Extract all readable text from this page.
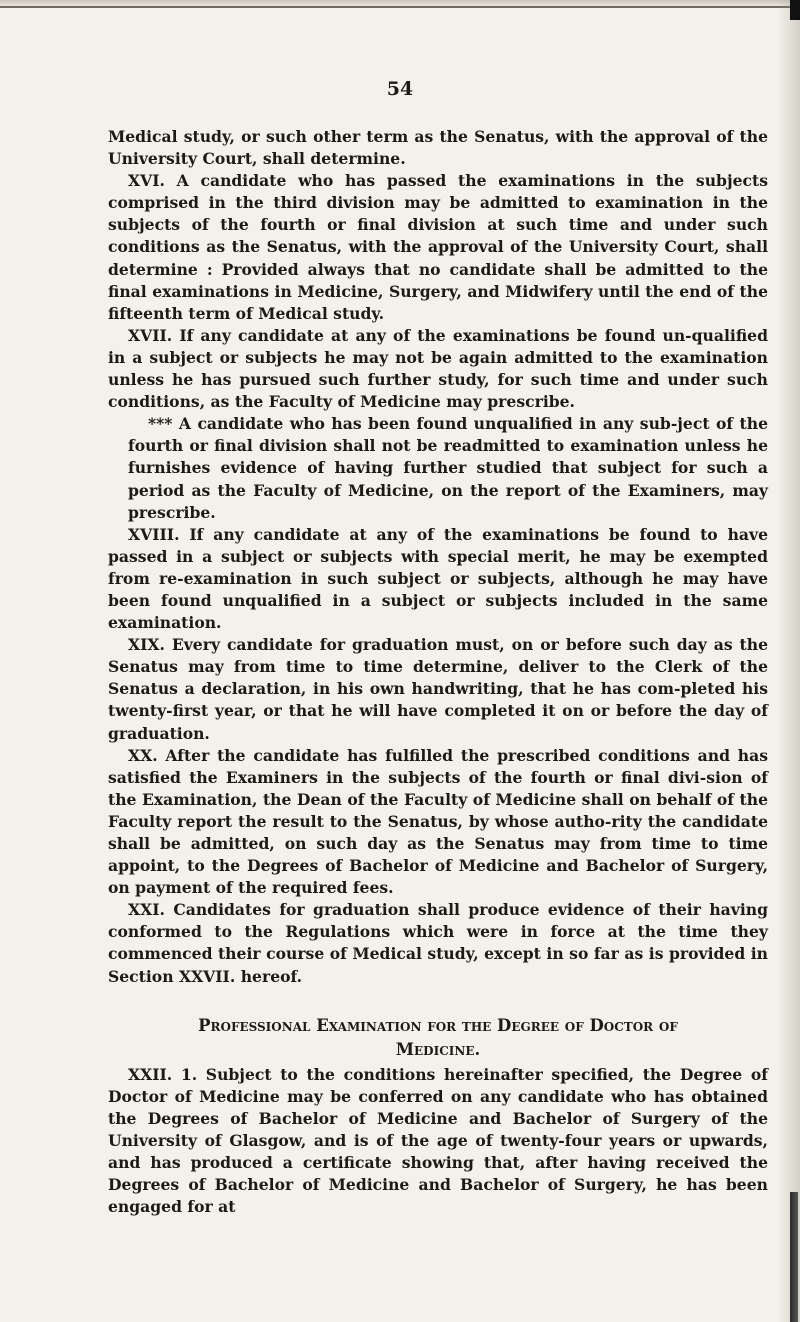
54

Medical study, or such other term as the Senatus, with the approval of the University Court, shall determine.

XVI. A candidate who has passed the examinations in the subjects comprised in the third division may be admitted to examination in the subjects of the fourth or final division at such time and under such conditions as the Senatus, with the approval of the University Court, shall determine : Provided always that no candidate shall be admitted to the final examinations in Medicine, Surgery, and Midwifery until the end of the fifteenth term of Medical study.

XVII. If any candidate at any of the examinations be found un-qualified in a subject or subjects he may not be again admitted to the examination unless he has pursued such further study, for such time and under such conditions, as the Faculty of Medicine may prescribe.

*** A candidate who has been found unqualified in any sub-ject of the fourth or final division shall not be readmitted to examination unless he furnishes evidence of having further studied that subject for such a period as the Faculty of Medicine, on the report of the Examiners, may prescribe.

XVIII. If any candidate at any of the examinations be found to have passed in a subject or subjects with special merit, he may be exempted from re-examination in such subject or subjects, although he may have been found unqualified in a subject or subjects included in the same examination.

XIX. Every candidate for graduation must, on or before such day as the Senatus may from time to time determine, deliver to the Clerk of the Senatus a declaration, in his own handwriting, that he has com-pleted his twenty-first year, or that he will have completed it on or before the day of graduation.

XX. After the candidate has fulfilled the prescribed conditions and has satisfied the Examiners in the subjects of the fourth or final divi-sion of the Examination, the Dean of the Faculty of Medicine shall on behalf of the Faculty report the result to the Senatus, by whose autho-rity the candidate shall be admitted, on such day as the Senatus may from time to time appoint, to the Degrees of Bachelor of Medicine and Bachelor of Surgery, on payment of the required fees.

XXI. Candidates for graduation shall produce evidence of their having conformed to the Regulations which were in force at the time they commenced their course of Medical study, except in so far as is provided in Section XXVII. hereof.

Professional Examination for the Degree of Doctor of
Medicine.

XXII. 1. Subject to the conditions hereinafter specified, the Degree of Doctor of Medicine may be conferred on any candidate who has obtained the Degrees of Bachelor of Medicine and Bachelor of Surgery of the University of Glasgow, and is of the age of twenty-four years or upwards, and has produced a certificate showing that, after having received the Degrees of Bachelor of Medicine and Bachelor of Surgery, he has been engaged for at
